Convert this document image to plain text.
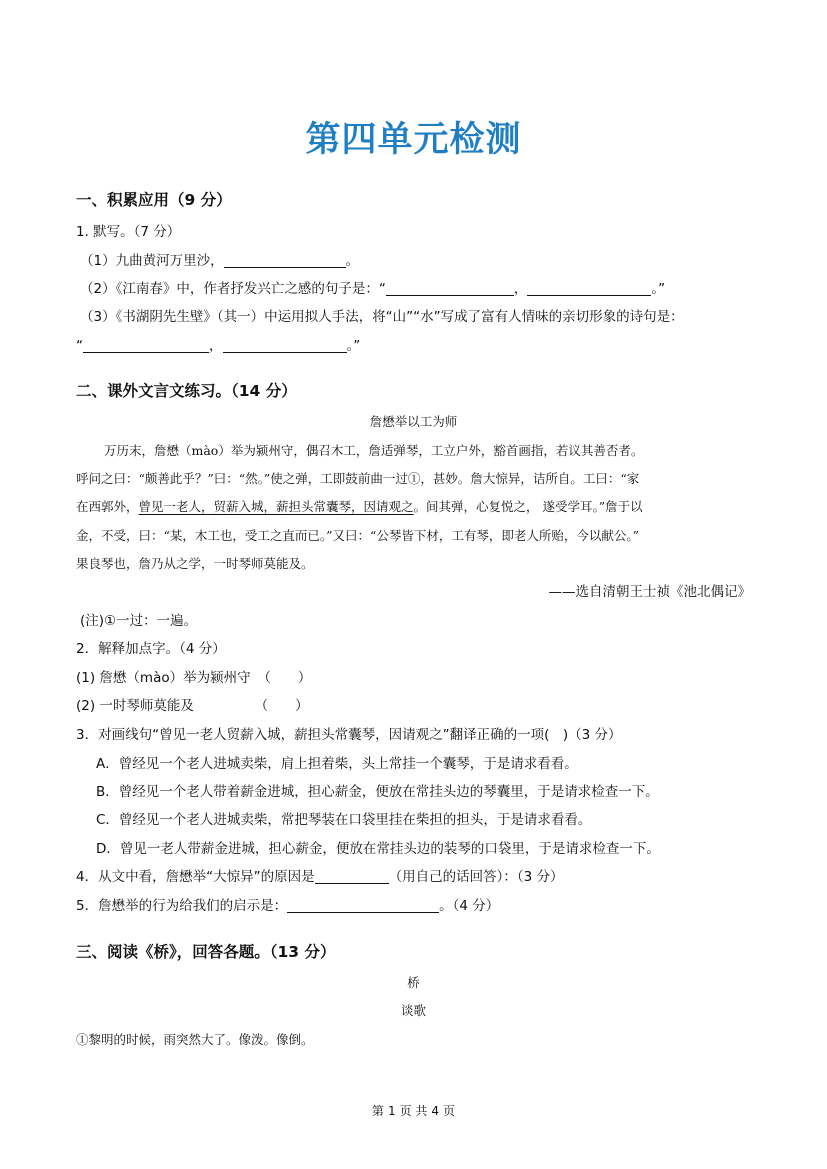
第四单元检测
一、积累应用（9 分）
1. 默写。（7 分）
（1）九曲黄河万里沙，	。
（2）《江南春》中，作者抒发兴亡之感的句子是：“	，	。”
（3）《书湖阴先生壁》（其一）中运用拟人手法，将“山”“水”写成了富有人情味的亲切形象的诗句是：
“	，	。”
二、课外文言文练习。（14 分）
詹懋举以工为师
万历末，詹懋（mào）举为颍州守，偶召木工，詹适弹琴，工立户外，豁首画指，若议其善否者。
呼问之曰：“颇善此乎？”曰：“然。”使之弹，工即鼓前曲一过①，甚妙。詹大惊异，诘所自。工曰：“家
在西郭外，曾见一老人，贸薪入城，薪担头常囊琴，因请观之。间其弹，心复悦之， 遂受学耳。”詹于以
金，不受，曰：“某，木工也，受工之直而已。”又曰：“公琴皆下材，工有琴，即老人所贻，今以献公。”
果良琴也，詹乃从之学，一时琴师莫能及。
——选自清朝王士祯《池北偶记》
(注)①一过：一遍。
2．解释加点字。（4 分）
(1) 詹懋（mào）举为颍州守　（　　）
(2) 一时琴师莫能及　　　　　（　　）
3．对画线句“曾见一老人贸薪入城，薪担头常囊琴，因请观之”翻译正确的一项(　)（3 分）
A．曾经见一个老人进城卖柴，肩上担着柴，头上常挂一个囊琴，于是请求看看。
B．曾经见一个老人带着薪金进城，担心薪金，便放在常挂头边的琴囊里，于是请求检查一下。
C．曾经见一个老人进城卖柴，常把琴装在口袋里挂在柴担的担头，于是请求看看。
D．曾见一老人带薪金进城，担心薪金，便放在常挂头边的装琴的口袋里，于是请求检查一下。
4．从文中看，詹懋举“大惊异”的原因是	（用自己的话回答）：（3 分）
5．詹懋举的行为给我们的启示是：	。（4 分）
三、阅读《桥》，回答各题。（13 分）
桥
谈歌
①黎明的时候，雨突然大了。像泼。像倒。
第 1 页 共 4 页
